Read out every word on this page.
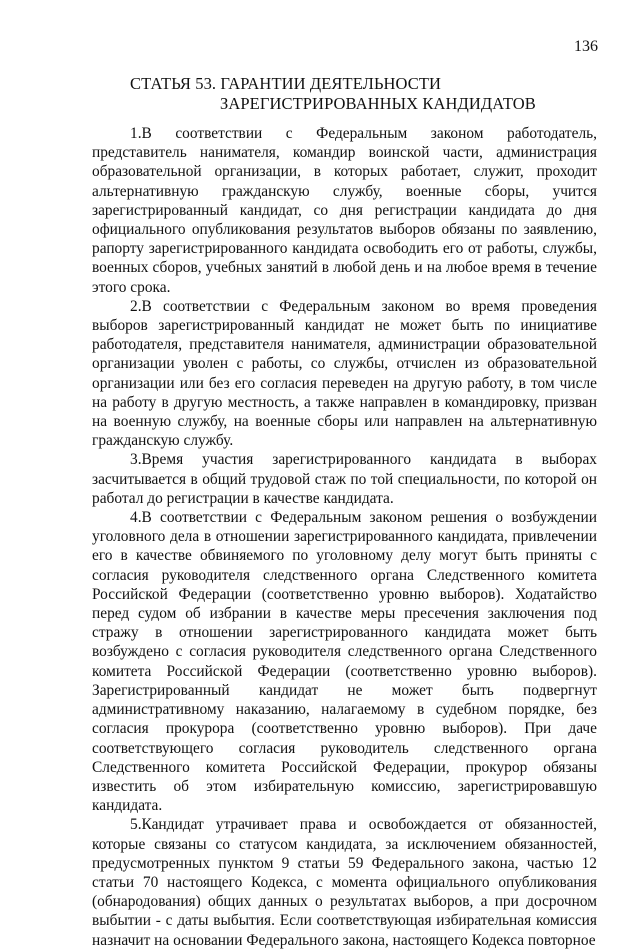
136
СТАТЬЯ 53. ГАРАНТИИ ДЕЯТЕЛЬНОСТИ
ЗАРЕГИСТРИРОВАННЫХ КАНДИДАТОВ

1.В соответствии с Федеральным законом работодатель, представитель нанимателя, командир воинской части, администрация образовательной организации, в которых работает, служит, проходит альтернативную гражданскую службу, военные сборы, учится зарегистрированный кандидат, со дня регистрации кандидата до дня официального опубликования результатов выборов обязаны по заявлению, рапорту зарегистрированного кандидата освободить его от работы, службы, военных сборов, учебных занятий в любой день и на любое время в течение этого срока.

2.В соответствии с Федеральным законом во время проведения выборов зарегистрированный кандидат не может быть по инициативе работодателя, представителя нанимателя, администрации образовательной организации уволен с работы, со службы, отчислен из образовательной организации или без его согласия переведен на другую работу, в том числе на работу в другую местность, а также направлен в командировку, призван на военную службу, на военные сборы или направлен на альтернативную гражданскую службу.

3.Время участия зарегистрированного кандидата в выборах засчитывается в общий трудовой стаж по той специальности, по которой он работал до регистрации в качестве кандидата.

4.В соответствии с Федеральным законом решения о возбуждении уголовного дела в отношении зарегистрированного кандидата, привлечении его в качестве обвиняемого по уголовному делу могут быть приняты с согласия руководителя следственного органа Следственного комитета Российской Федерации (соответственно уровню выборов). Ходатайство перед судом об избрании в качестве меры пресечения заключения под стражу в отношении зарегистрированного кандидата может быть возбуждено с согласия руководителя следственного органа Следственного комитета Российской Федерации (соответственно уровню выборов). Зарегистрированный кандидат не может быть подвергнут административному наказанию, налагаемому в судебном порядке, без согласия прокурора (соответственно уровню выборов). При даче соответствующего согласия руководитель следственного органа Следственного комитета Российской Федерации, прокурор обязаны известить об этом избирательную комиссию, зарегистрировавшую кандидата.

5.Кандидат утрачивает права и освобождается от обязанностей, которые связаны со статусом кандидата, за исключением обязанностей, предусмотренных пунктом 9 статьи 59 Федерального закона, частью 12 статьи 70 настоящего Кодекса, с момента официального опубликования (обнародования) общих данных о результатах выборов, а при досрочном выбытии - с даты выбытия. Если соответствующая избирательная комиссия назначит на основании Федерального закона, настоящего Кодекса повторное
